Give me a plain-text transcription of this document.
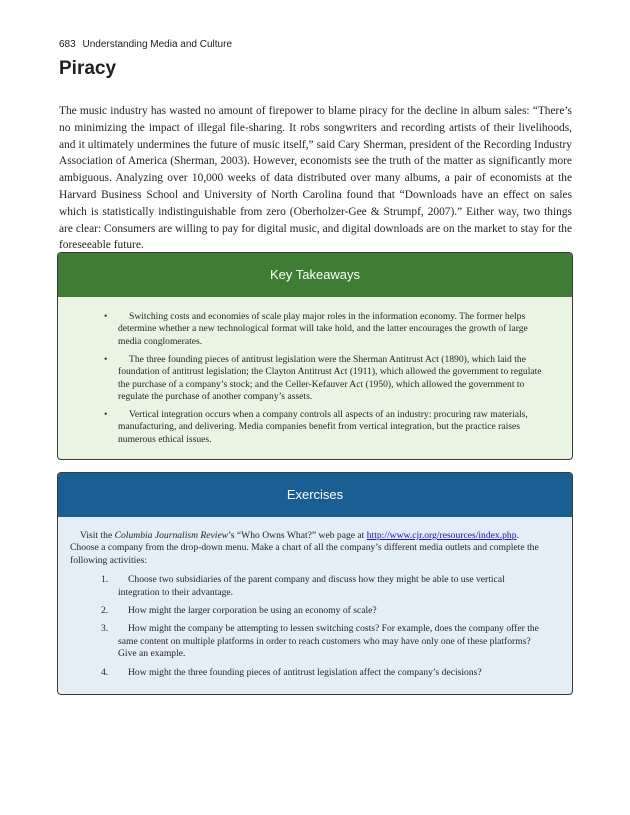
683 Understanding Media and Culture
Piracy

The music industry has wasted no amount of firepower to blame piracy for the decline in album sales: “There’s no minimizing the impact of illegal file-sharing. It robs songwriters and recording artists of their livelihoods, and it ultimately undermines the future of music itself,” said Cary Sherman, president of the Recording Industry Association of America (Sherman, 2003). However, economists see the truth of the matter as significantly more ambiguous. Analyzing over 10,000 weeks of data distributed over many albums, a pair of economists at the Harvard Business School and University of North Carolina found that “Downloads have an effect on sales which is statistically indistinguishable from zero (Oberholzer-Gee & Strumpf, 2007).” Either way, two things are clear: Consumers are willing to pay for digital music, and digital downloads are on the market to stay for the foreseeable future.

Key Takeaways
•	Switching costs and economies of scale play major roles in the information economy. The former helps determine whether a new technological format will take hold, and the latter encourages the growth of large media conglomerates.
•	The three founding pieces of antitrust legislation were the Sherman Antitrust Act (1890), which laid the foundation of antitrust legislation; the Clayton Antitrust Act (1911), which allowed the government to regulate the purchase of a company’s stock; and the Celler-Kefauver Act (1950), which allowed the government to regulate the purchase of another company’s assets.
•	Vertical integration occurs when a company controls all aspects of an industry: procuring raw materials, manufacturing, and delivering. Media companies benefit from vertical integration, but the practice raises numerous ethical issues.
Exercises

Visit the Columbia Journalism Review’s “Who Owns What?” web page at http://www.cjr.org/resources/index.php. Choose a company from the drop-down menu. Make a chart of all the company’s different media outlets and complete the following activities:

1.	Choose two subsidiaries of the parent company and discuss how they might be able to use vertical integration to their advantage.
2.	How might the larger corporation be using an economy of scale?
3.	How might the company be attempting to lessen switching costs? For example, does the company offer the same content on multiple platforms in order to reach customers who may have only one of these platforms? Give an example.
4.	How might the three founding pieces of antitrust legislation affect the company’s decisions?
